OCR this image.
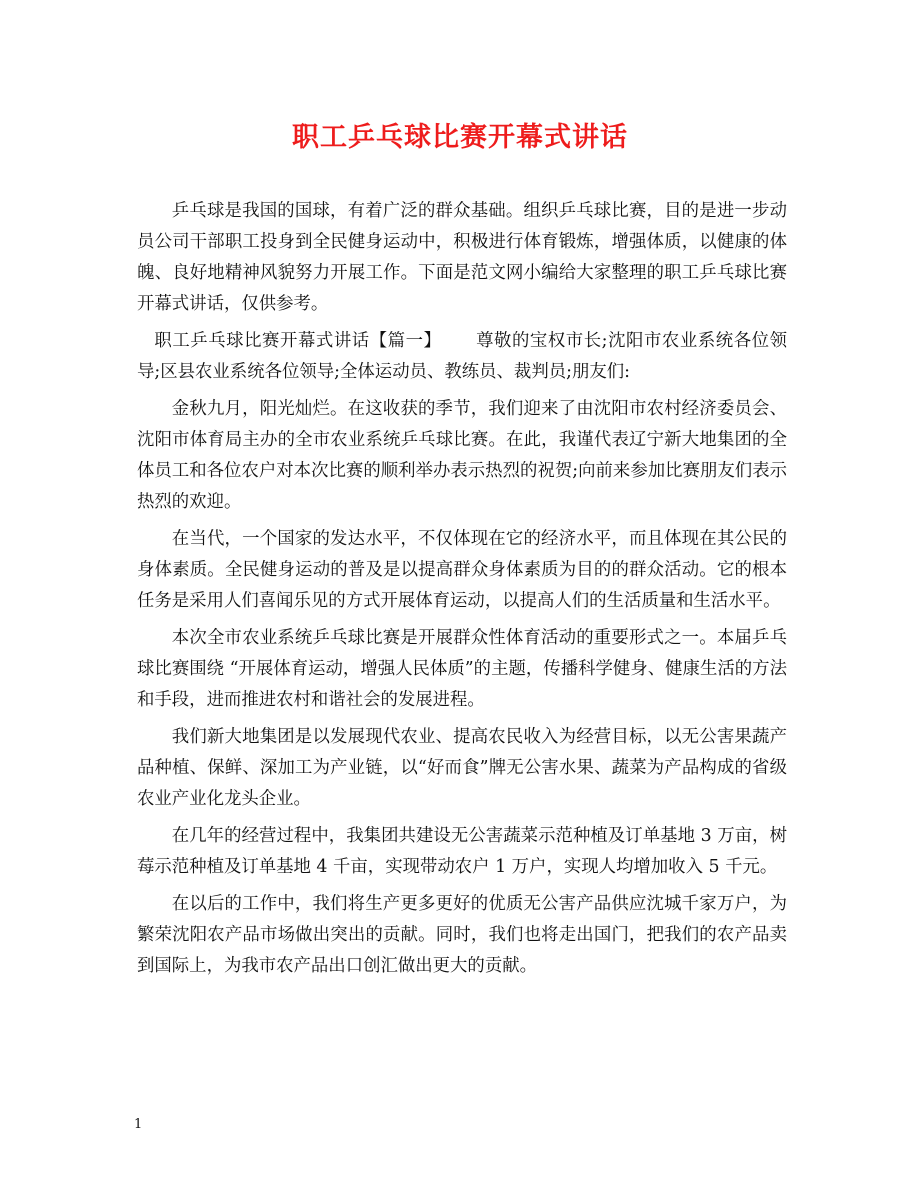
职工乒乓球比赛开幕式讲话

乒乓球是我国的国球，有着广泛的群众基础。组织乒乓球比赛，目的是进一步动员公司干部职工投身到全民健身运动中，积极进行体育锻炼，增强体质，以健康的体魄、良好地精神风貌努力开展工作。下面是范文网小编给大家整理的职工乒乓球比赛开幕式讲话，仅供参考。

职工乒乓球比赛开幕式讲话【篇一】 尊敬的宝权市长;沈阳市农业系统各位领导;区县农业系统各位领导;全体运动员、教练员、裁判员;朋友们:

金秋九月，阳光灿烂。在这收获的季节，我们迎来了由沈阳市农村经济委员会、沈阳市体育局主办的全市农业系统乒乓球比赛。在此，我谨代表辽宁新大地集团的全体员工和各位农户对本次比赛的顺利举办表示热烈的祝贺;向前来参加比赛朋友们表示热烈的欢迎。

在当代，一个国家的发达水平，不仅体现在它的经济水平，而且体现在其公民的身体素质。全民健身运动的普及是以提高群众身体素质为目的的群众活动。它的根本任务是采用人们喜闻乐见的方式开展体育运动，以提高人们的生活质量和生活水平。

本次全市农业系统乒乓球比赛是开展群众性体育活动的重要形式之一。本届乒乓球比赛围绕 “开展体育运动，增强人民体质”的主题，传播科学健身、健康生活的方法和手段，进而推进农村和谐社会的发展进程。

我们新大地集团是以发展现代农业、提高农民收入为经营目标，以无公害果蔬产品种植、保鲜、深加工为产业链，以“好而食”牌无公害水果、蔬菜为产品构成的省级农业产业化龙头企业。

在几年的经营过程中，我集团共建设无公害蔬菜示范种植及订单基地 3 万亩，树莓示范种植及订单基地 4 千亩，实现带动农户 1 万户，实现人均增加收入 5 千元。

在以后的工作中，我们将生产更多更好的优质无公害产品供应沈城千家万户，为繁荣沈阳农产品市场做出突出的贡献。同时，我们也将走出国门，把我们的农产品卖到国际上，为我市农产品出口创汇做出更大的贡献。

1
